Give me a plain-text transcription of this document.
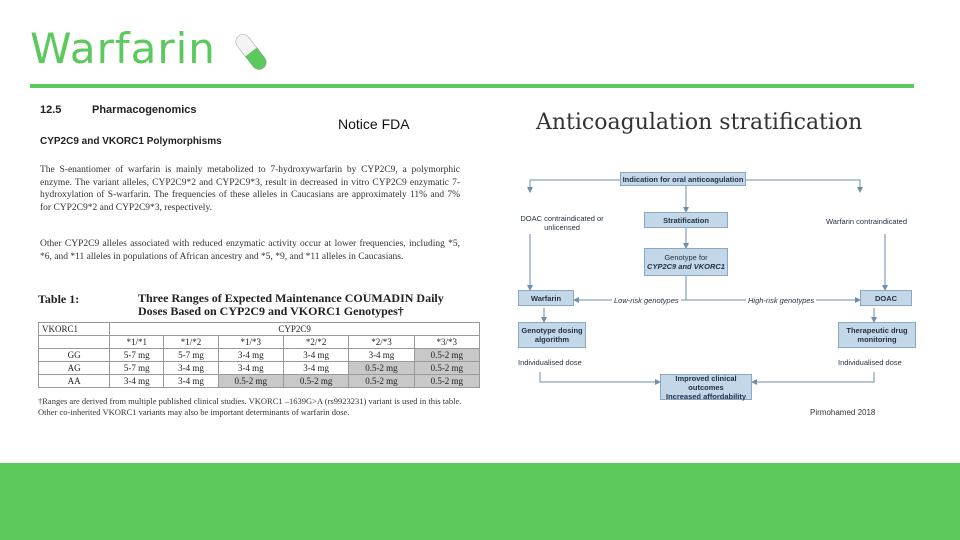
Warfarin
12.5	Pharmacogenomics
Notice FDA
CYP2C9 and VKORC1 Polymorphisms
The S-enantiomer of warfarin is mainly metabolized to 7-hydroxywarfarin by CYP2C9, a polymorphic enzyme. The variant alleles, CYP2C9*2 and CYP2C9*3, result in decreased in vitro CYP2C9 enzymatic 7-hydroxylation of S-warfarin. The frequencies of these alleles in Caucasians are approximately 11% and 7% for CYP2C9*2 and CYP2C9*3, respectively.
Other CYP2C9 alleles associated with reduced enzymatic activity occur at lower frequencies, including *5, *6, and *11 alleles in populations of African ancestry and *5, *9, and *11 alleles in Caucasians.
Table 1:	Three Ranges of Expected Maintenance COUMADIN Daily Doses Based on CYP2C9 and VKORC1 Genotypes†
VKORC1	CYP2C9					
	*1/*1	*1/*2	*1/*3	*2/*2	*2/*3	*3/*3
GG	5-7 mg	5-7 mg	3-4 mg	3-4 mg	3-4 mg	0.5-2 mg
AG	5-7 mg	3-4 mg	3-4 mg	3-4 mg	0.5-2 mg	0.5-2 mg
AA	3-4 mg	3-4 mg	0.5-2 mg	0.5-2 mg	0.5-2 mg	0.5-2 mg
†Ranges are derived from multiple published clinical studies. VKORC1 –1639G>A (rs9923231) variant is used in this table. Other co-inherited VKORC1 variants may also be important determinants of warfarin dose.
Anticoagulation stratification
Indication for oral anticoagulation
DOAC contraindicated or unlicensed
Stratification	Warfarin contraindicated
Genotype for
CYP2C9 and VKORC1
Warfarin	Low-risk genotypes	High-risk genotypes	DOAC
Genotype dosing algorithm
Therapeutic drug monitoring
Individualised dose	Individualised dose
Improved clinical outcomes
Increased affordability
Pirmohamed 2018
